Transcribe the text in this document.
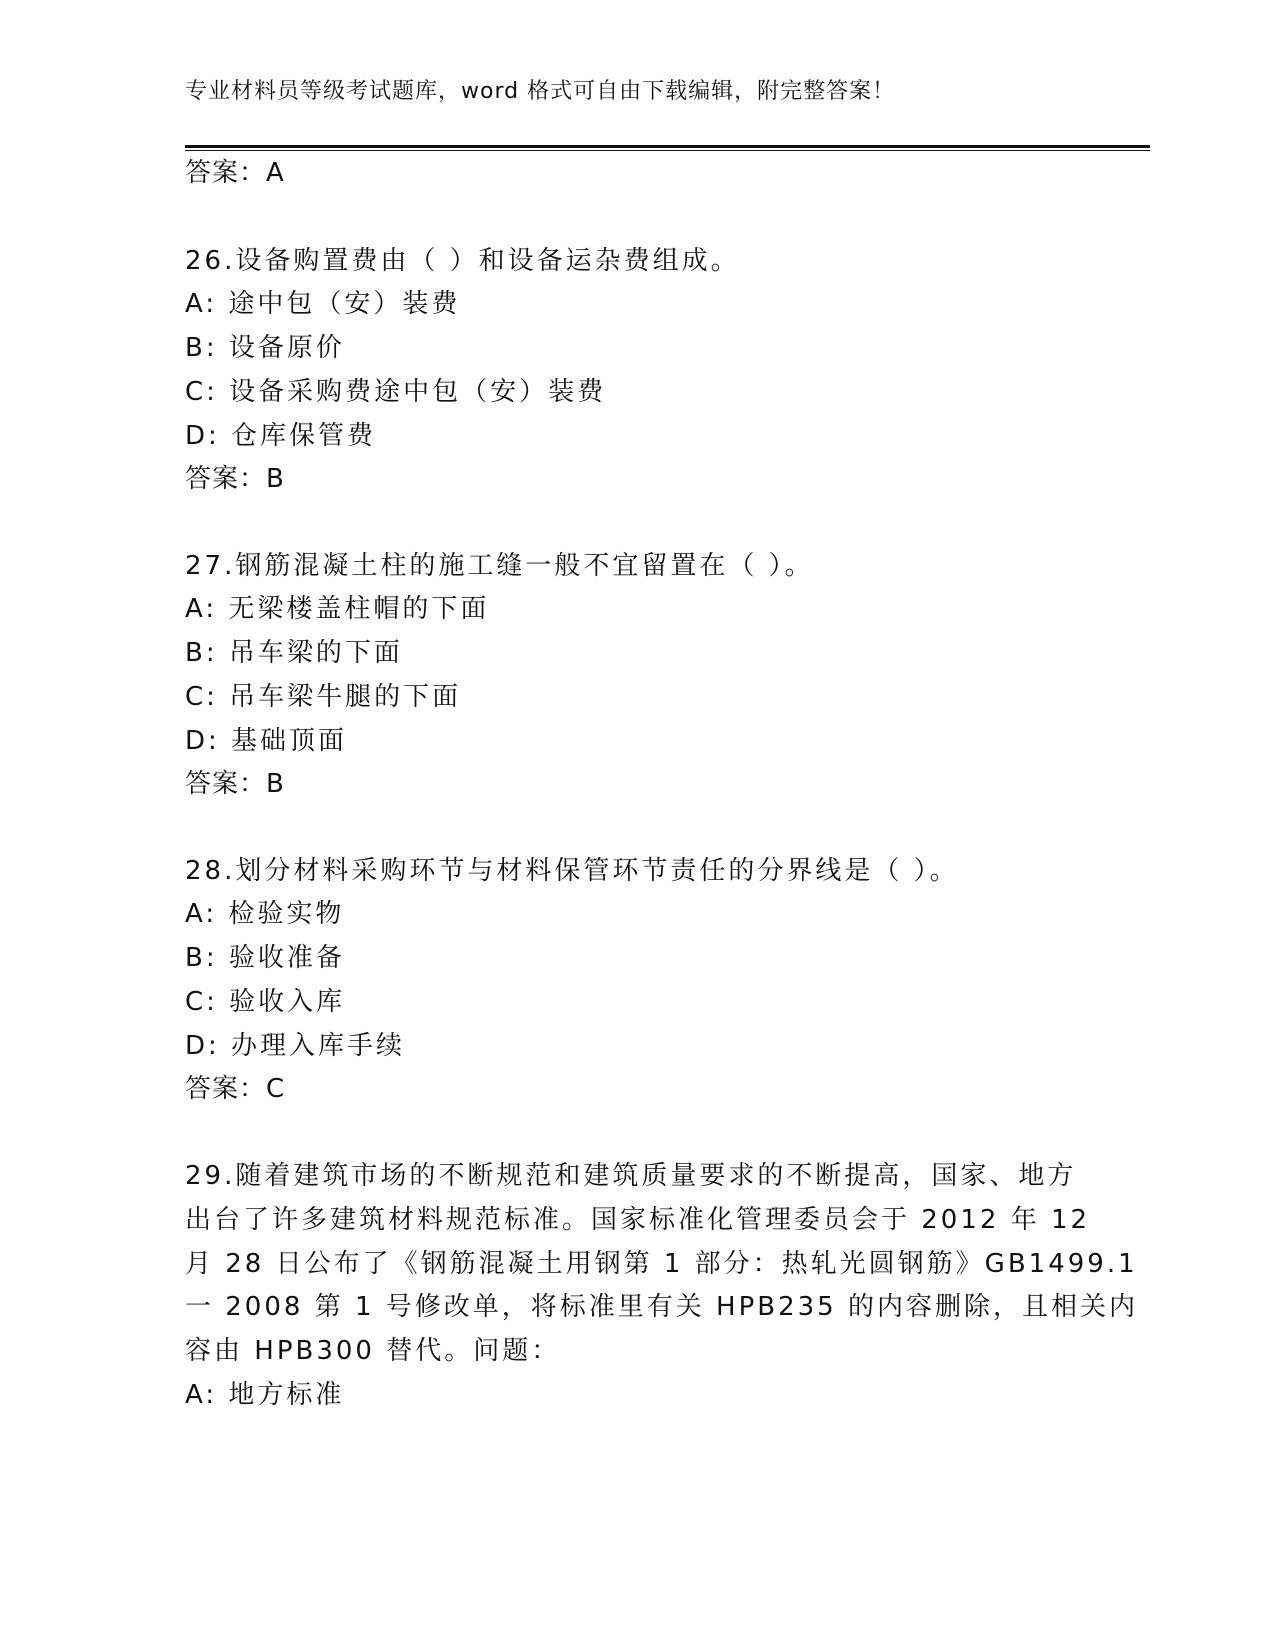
专业材料员等级考试题库，word 格式可自由下载编辑，附完整答案！
答案：A
26.设备购置费由（ ）和设备运杂费组成。
A: 途中包（安）装费
B: 设备原价
C: 设备采购费途中包（安）装费
D: 仓库保管费
答案：B
27.钢筋混凝土柱的施工缝一般不宜留置在（ ）。
A: 无梁楼盖柱帽的下面
B: 吊车梁的下面
C: 吊车梁牛腿的下面
D: 基础顶面
答案：B
28.划分材料采购环节与材料保管环节责任的分界线是（ ）。
A: 检验实物
B: 验收准备
C: 验收入库
D: 办理入库手续
答案：C
29.随着建筑市场的不断规范和建筑质量要求的不断提高，国家、地方
出台了许多建筑材料规范标准。国家标准化管理委员会于 2012 年 12
月 28 日公布了《钢筋混凝土用钢第 1 部分：热轧光圆钢筋》GB1499.1
一 2008 第 1 号修改单，将标准里有关 HPB235 的内容删除，且相关内
容由 HPB300 替代。问题：
A: 地方标准
